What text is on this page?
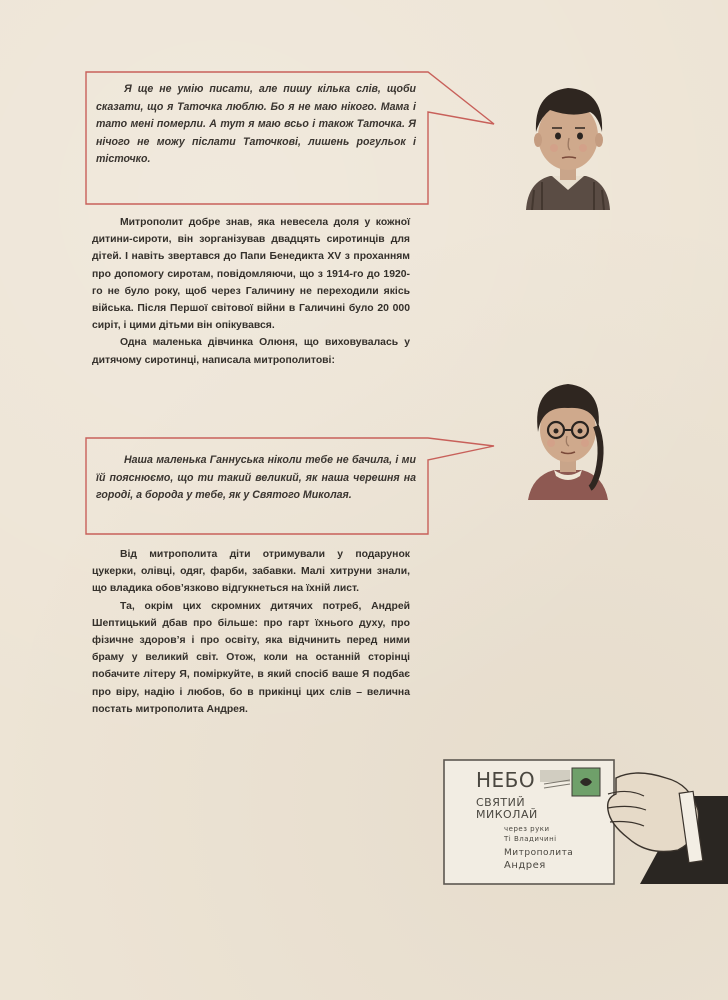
Я ще не умію писати, але пишу кілька слів, щоби сказати, що я Таточка люблю. Бо я не маю нікого. Мама і тато мені померли. А тут я маю всьо і також Таточка. Я нічого не можу післати Таточкові, лишень рогульок і тісточко.

Митрополит добре знав, яка невесела доля у кожної дитини-сироти, він зорганізував двадцять сиротинців для дітей. І навіть звертався до Папи Бенедикта XV з проханням про допомогу сиротам, повідомляючи, що з 1914-го до 1920-го не було року, щоб через Галичину не переходили якісь війська. Після Першої світової війни в Галичині було 20 000 сиріт, і цими дітьми він опікувався.

Одна маленька дівчинка Олюня, що виховувалась у дитячому сиротинці, написала митрополитові:

Наша маленька Ганнуська ніколи тебе не бачила, і ми їй пояснюємо, що ти такий великий, як наша черешня на городі, а борода у тебе, як у Святого Миколая.

Від митрополита діти отримували у подарунок цукерки, олівці, одяг, фарби, забавки. Малі хитруни знали, що владика обов’язково відгукнеться на їхній лист.

Та, окрім цих скромних дитячих потреб, Андрей Шептицький дбав про більше: про гарт їхнього духу, про фізичне здоров’я і про освіту, яка відчинить перед ними браму у великий світ. Отож, коли на останній сторінці побачите літеру Я, поміркуйте, в який спосіб ваше Я подбає про віру, надію і любов, бо в прикінці цих слів – велична постать митрополита Андрея.

НЕБО
СВЯТИЙ
МИКОЛАЙ
через руки
Ті Владичині
Митрополита
Андрея
